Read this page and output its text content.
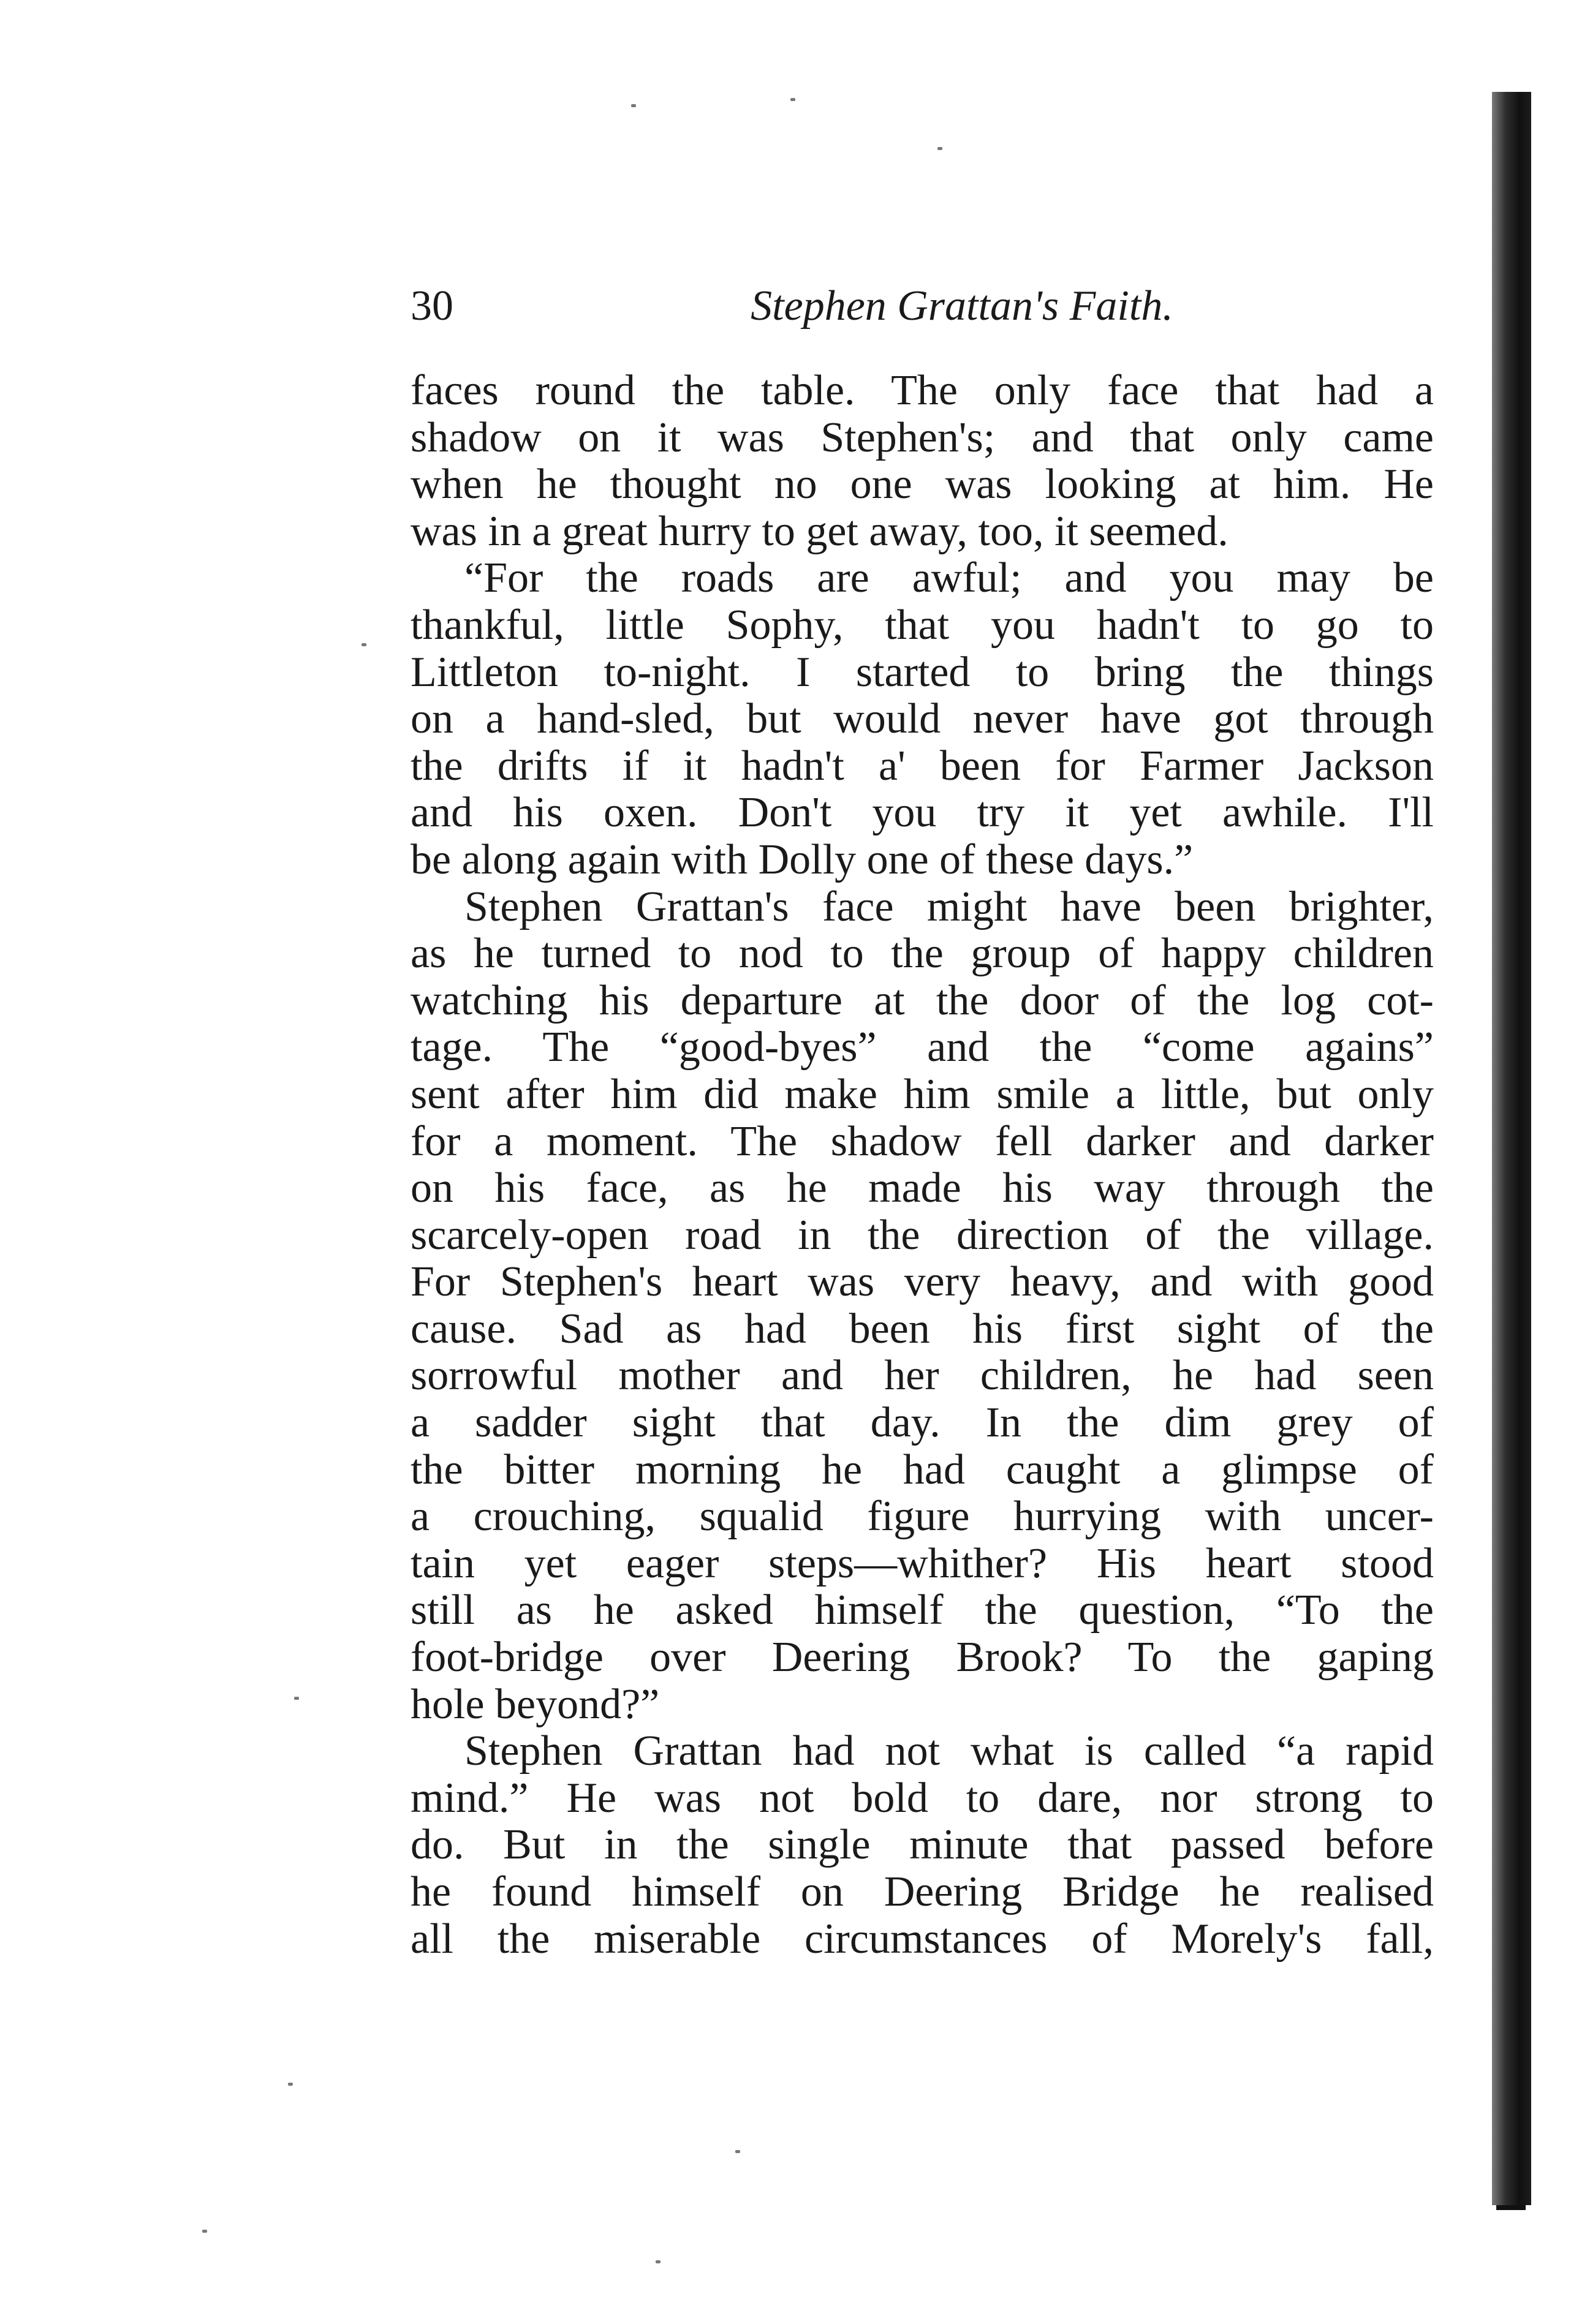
30	Stephen Grattan's Faith.
faces round the table. The only face that had a
shadow on it was Stephen's; and that only came
when he thought no one was looking at him. He
was in a great hurry to get away, too, it seemed.
“For the roads are awful; and you may be
thankful, little Sophy, that you hadn't to go to
Littleton to-night. I started to bring the things
on a hand-sled, but would never have got through
the drifts if it hadn't a' been for Farmer Jackson
and his oxen. Don't you try it yet awhile. I'll
be along again with Dolly one of these days.”
Stephen Grattan's face might have been brighter,
as he turned to nod to the group of happy children
watching his departure at the door of the log cot-
tage. The “good-byes” and the “come agains”
sent after him did make him smile a little, but only
for a moment. The shadow fell darker and darker
on his face, as he made his way through the
scarcely-open road in the direction of the village.
For Stephen's heart was very heavy, and with good
cause. Sad as had been his first sight of the
sorrowful mother and her children, he had seen
a sadder sight that day. In the dim grey of
the bitter morning he had caught a glimpse of
a crouching, squalid figure hurrying with uncer-
tain yet eager steps—whither? His heart stood
still as he asked himself the question, “To the
foot-bridge over Deering Brook? To the gaping
hole beyond?”
Stephen Grattan had not what is called “a rapid
mind.” He was not bold to dare, nor strong to
do. But in the single minute that passed before
he found himself on Deering Bridge he realised
all the miserable circumstances of Morely's fall,
